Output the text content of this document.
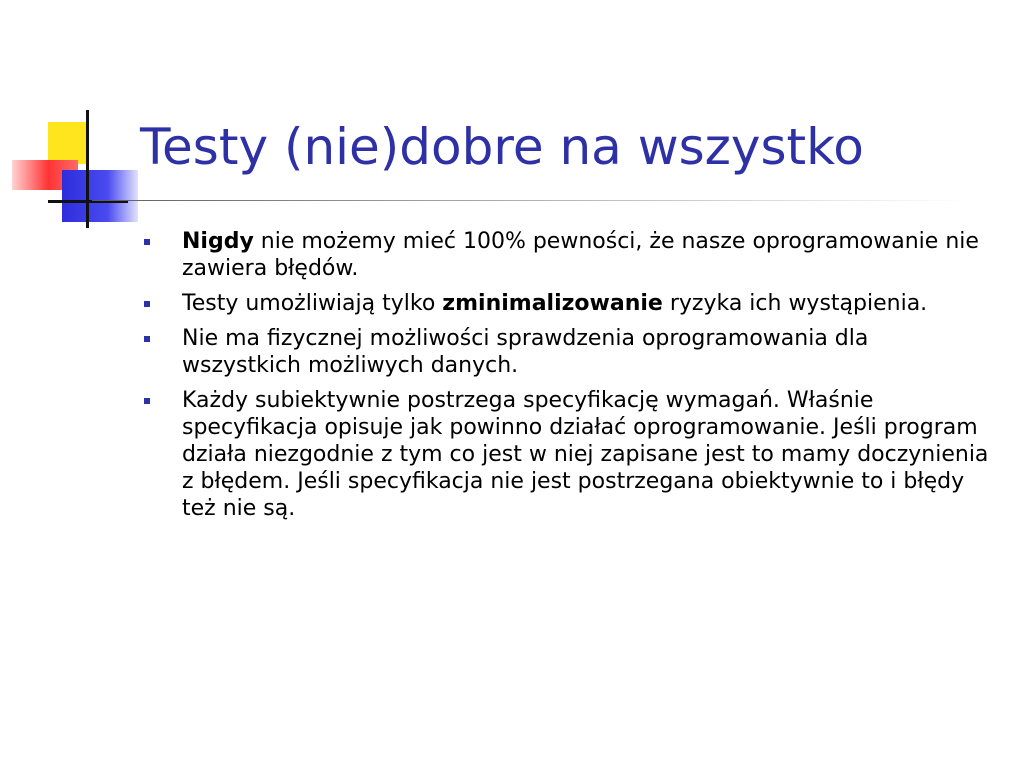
Testy (nie)dobre na wszystko
Nigdy nie możemy mieć 100% pewności, że nasze oprogramowanie nie zawiera błędów.
Testy umożliwiają tylko zminimalizowanie ryzyka ich wystąpienia.
Nie ma fizycznej możliwości sprawdzenia oprogramowania dla wszystkich możliwych danych.
Każdy subiektywnie postrzega specyfikację wymagań. Właśnie specyfikacja opisuje jak powinno działać oprogramowanie. Jeśli program działa niezgodnie z tym co jest w niej zapisane jest to mamy doczynienia z błędem. Jeśli specyfikacja nie jest postrzegana obiektywnie to i błędy też nie są.
